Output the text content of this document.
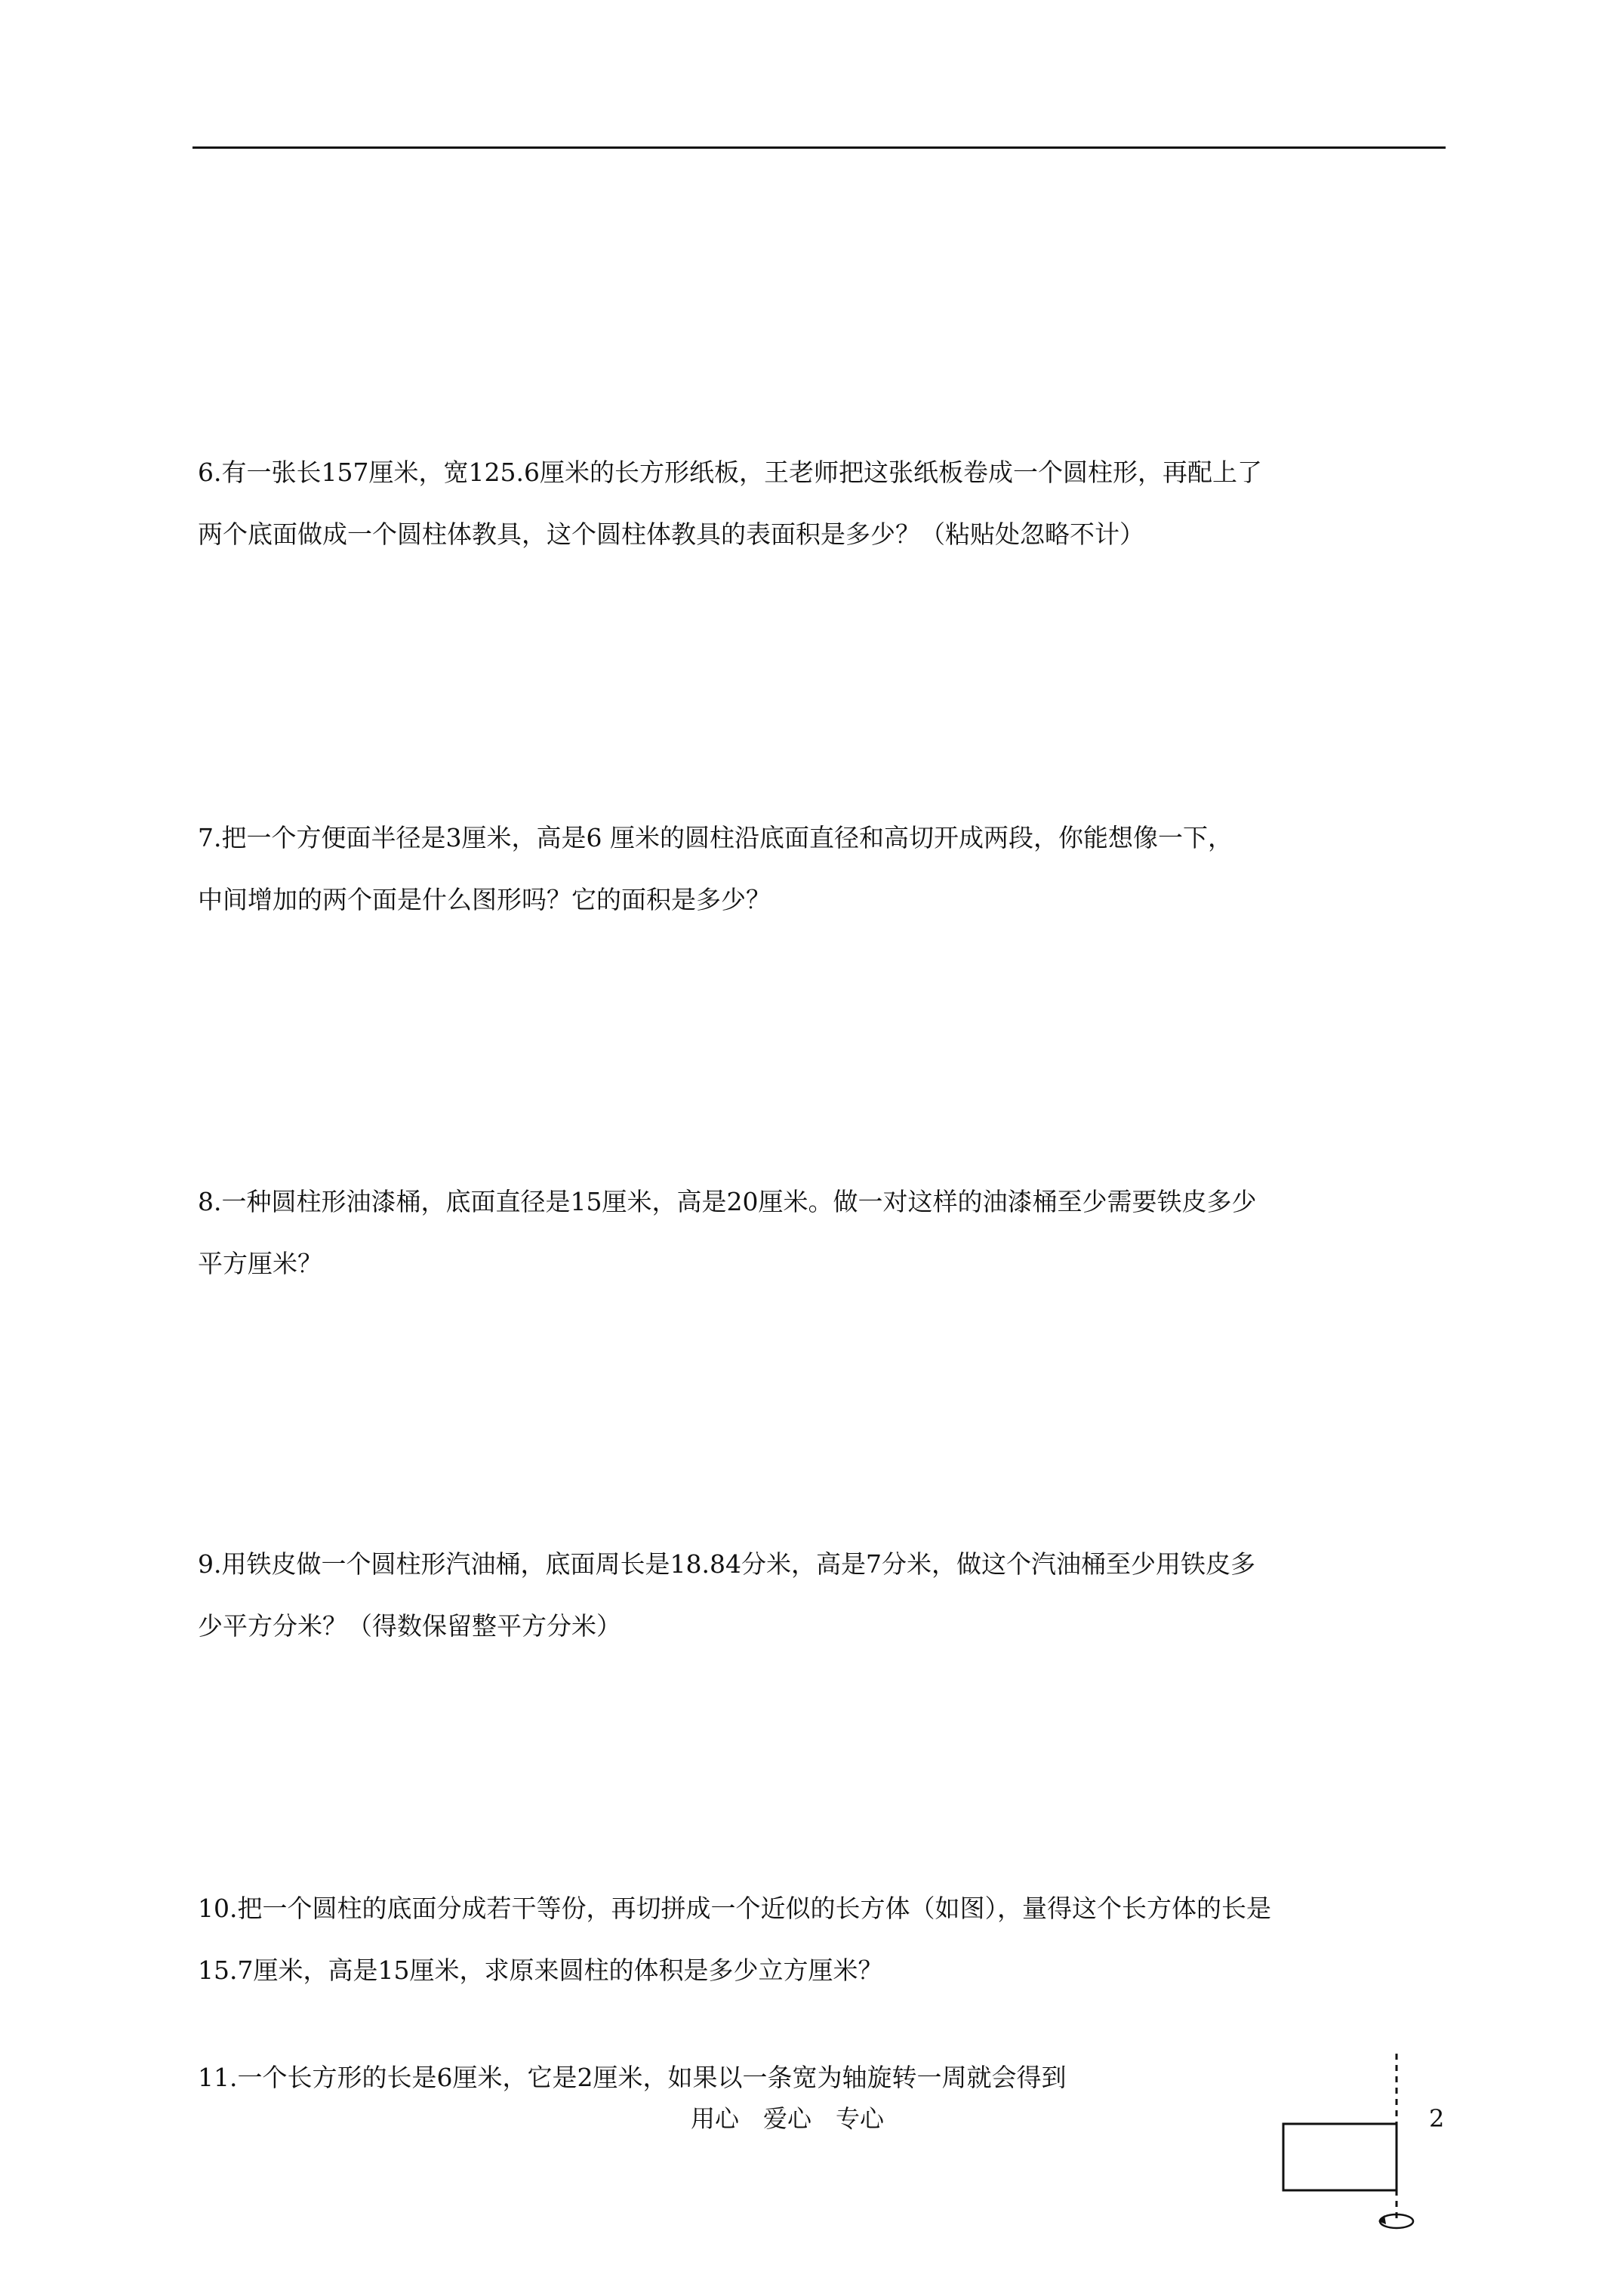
6.有一张长157厘米，宽125.6厘米的长方形纸板，王老师把这张纸板卷成一个圆柱形，再配上了
两个底面做成一个圆柱体教具，这个圆柱体教具的表面积是多少？（粘贴处忽略不计）
7.把一个方便面半径是3厘米，高是6 厘米的圆柱沿底面直径和高切开成两段，你能想像一下，
中间增加的两个面是什么图形吗？它的面积是多少？
8.一种圆柱形油漆桶，底面直径是15厘米，高是20厘米。做一对这样的油漆桶至少需要铁皮多少
平方厘米？
9.用铁皮做一个圆柱形汽油桶，底面周长是18.84分米，高是7分米，做这个汽油桶至少用铁皮多
少平方分米？（得数保留整平方分米）
10.把一个圆柱的底面分成若干等份，再切拼成一个近似的长方体（如图），量得这个长方体的长是
15.7厘米，高是15厘米，求原来圆柱的体积是多少立方厘米？
11.一个长方形的长是6厘米，它是2厘米，如果以一条宽为轴旋转一周就会得到
用心　爱心　专心	2
